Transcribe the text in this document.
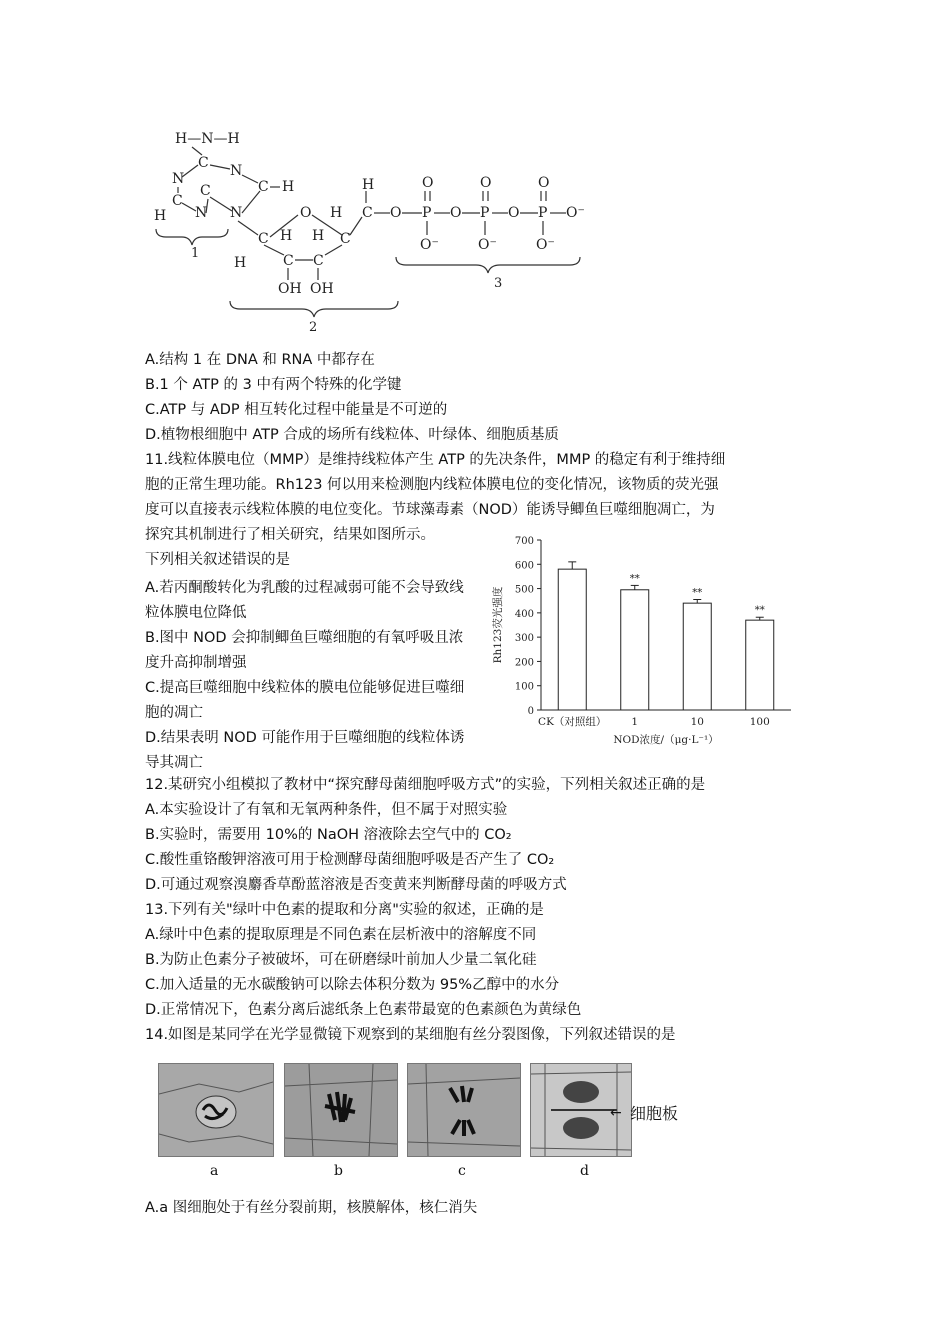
H—N—H
C N
C H
N
C
H N
C
N
C
O
C
H
H
C
H
C
OH OH
H C
H
O P O P O P O⁻
O	O	O
O⁻	O⁻	O⁻
1
2
3
A.结构 1 在 DNA 和 RNA 中都存在
B.1 个 ATP 的 3 中有两个特殊的化学键
C.ATP 与 ADP 相互转化过程中能量是不可逆的
D.植物根细胞中 ATP 合成的场所有线粒体、叶绿体、细胞质基质
11.线粒体膜电位（MMP）是维持线粒体产生 ATP 的先决条件，MMP 的稳定有利于维持细
胞的正常生理功能。Rh123 何以用来检测胞内线粒体膜电位的变化情况，该物质的荧光强
度可以直接表示线粒体膜的电位变化。节球藻毒素（NOD）能诱导鲫鱼巨噬细胞凋亡，为
探究其机制进行了相关研究，结果如图所示。
下列相关叙述错误的是
A.若丙酮酸转化为乳酸的过程减弱可能不会导致线粒体膜电位降低
B.图中 NOD 会抑制鲫鱼巨噬细胞的有氧呼吸且浓度升高抑制增强
C.提高巨噬细胞中线粒体的膜电位能够促进巨噬细胞的凋亡
D.结果表明 NOD 可能作用于巨噬细胞的线粒体诱导其凋亡
0
100
200
300
400
500
600
700
CK（对照组）
**
1
**
10
**
100
Rh123荧光强度
NOD浓度/（μg·L⁻¹）
12.某研究小组模拟了教材中“探究酵母菌细胞呼吸方式”的实验，下列相关叙述正确的是
A.本实验设计了有氧和无氧两种条件，但不属于对照实验
B.实验时，需要用 10%的 NaOH 溶液除去空气中的 CO₂
C.酸性重铬酸钾溶液可用于检测酵母菌细胞呼吸是否产生了 CO₂
D.可通过观察溴麝香草酚蓝溶液是否变黄来判断酵母菌的呼吸方式
13.下列有关"绿叶中色素的提取和分离"实验的叙述，正确的是
A.绿叶中色素的提取原理是不同色素在层析液中的溶解度不同
B.为防止色素分子被破坏，可在研磨绿叶前加人少量二氧化硅
C.加入适量的无水碳酸钠可以除去体积分数为 95%乙醇中的水分
D.正常情况下，色素分离后滤纸条上色素带最宽的色素颜色为黄绿色
14.如图是某同学在光学显微镜下观察到的某细胞有丝分裂图像，下列叙述错误的是
← 细胞板
a	b	c	d
A.a 图细胞处于有丝分裂前期，核膜解体，核仁消失
